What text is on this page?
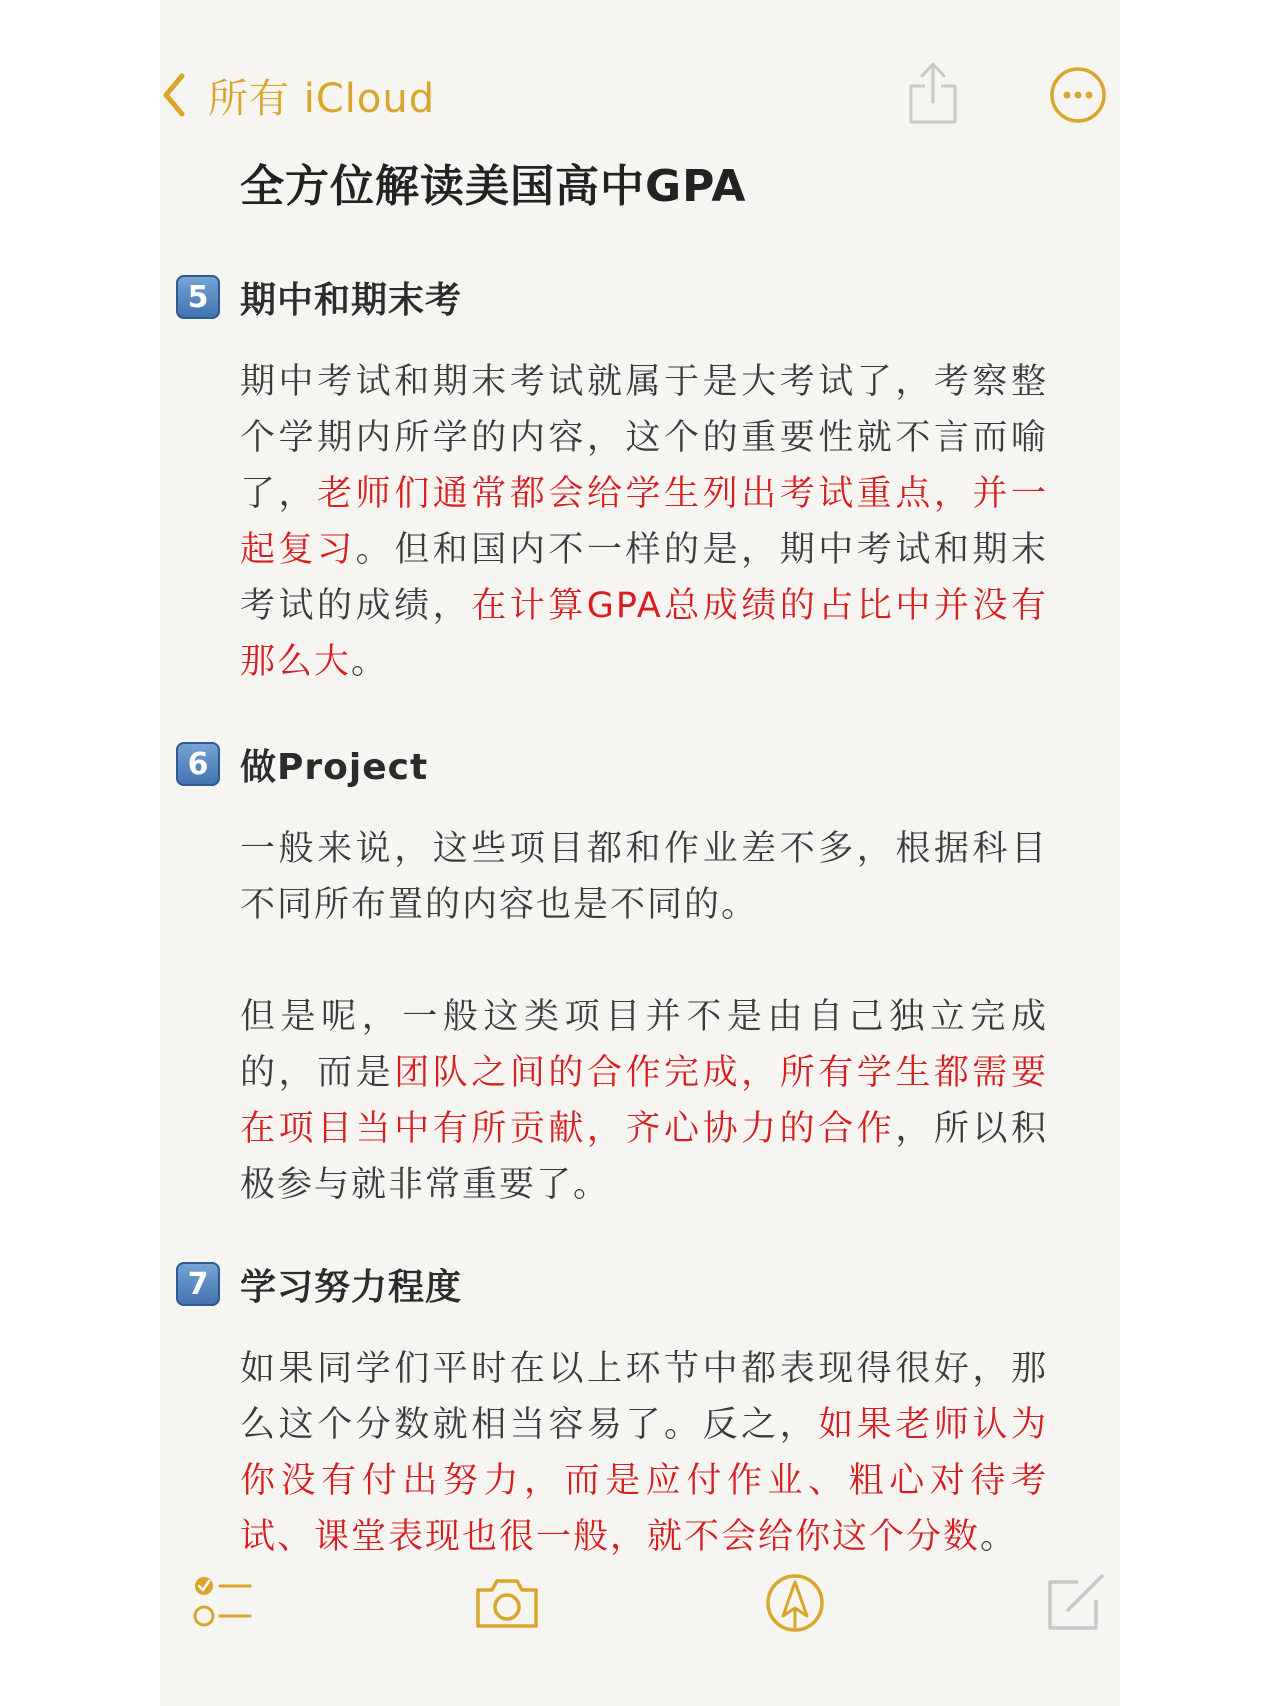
所有 iCloud
全方位解读美国高中GPA
5 期中和期末考

期中考试和期末考试就属于是大考试了，考察整个学期内所学的内容，这个的重要性就不言而喻了，老师们通常都会给学生列出考试重点，并一起复习。但和国内不一样的是，期中考试和期末考试的成绩，在计算GPA总成绩的占比中并没有那么大。

6 做Project

一般来说，这些项目都和作业差不多，根据科目不同所布置的内容也是不同的。

但是呢，一般这类项目并不是由自己独立完成的，而是团队之间的合作完成，所有学生都需要在项目当中有所贡献，齐心协力的合作，所以积极参与就非常重要了。

7 学习努力程度

如果同学们平时在以上环节中都表现得很好，那么这个分数就相当容易了。反之，如果老师认为你没有付出努力，而是应付作业、粗心对待考试、课堂表现也很一般，就不会给你这个分数。
